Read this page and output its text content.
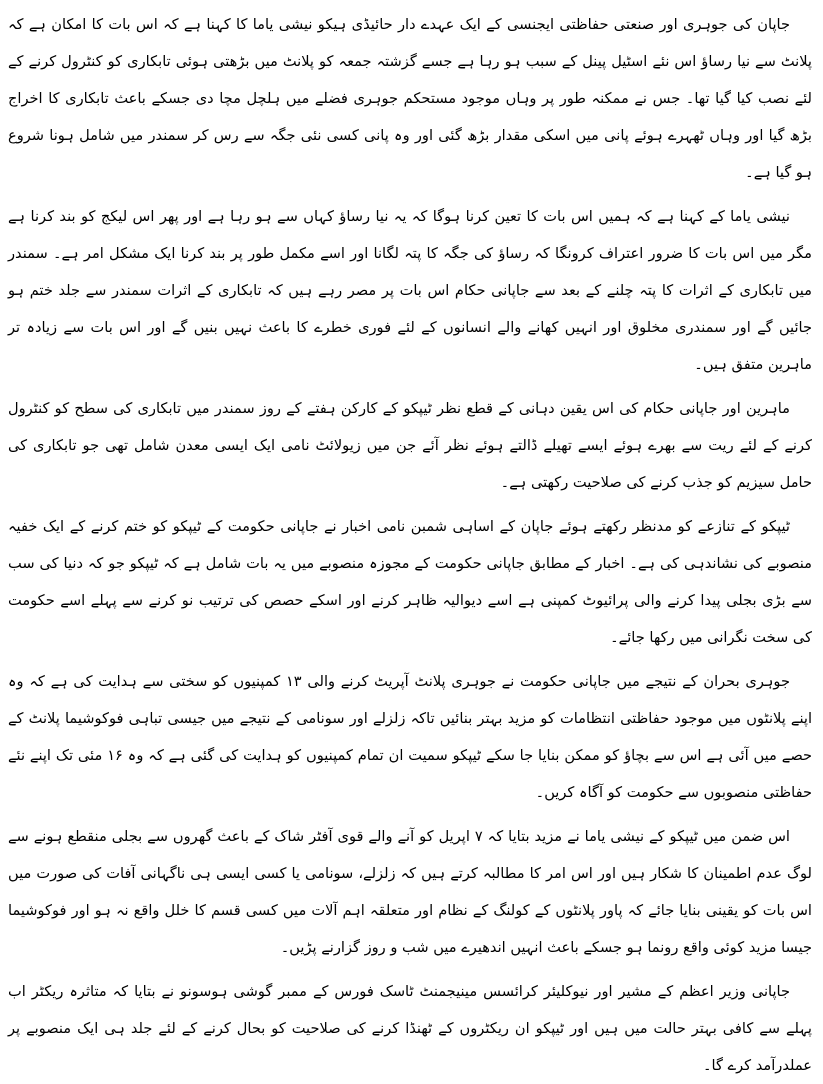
جاپان کی جوہری اور صنعتی حفاظتی ایجنسی کے ایک عہدے دار حائیڈی ہیکو نیشی یاما کا کہنا ہے کہ اس بات کا امکان ہے کہ پلانٹ سے نیا رساؤ اس نئے اسٹیل پینل کے سبب ہو رہا ہے جسے گزشتہ جمعہ کو پلانٹ میں بڑھتی ہوئی تابکاری کو کنٹرول کرنے کے لئے نصب کیا گیا تھا۔ جس نے ممکنہ طور پر وہاں موجود مستحکم جوہری فضلے میں ہلچل مچا دی جسکے باعث تابکاری کا اخراج بڑھ گیا اور وہاں ٹھہرے ہوئے پانی میں اسکی مقدار بڑھ گئی اور وہ پانی کسی نئی جگہ سے رس کر سمندر میں شامل ہونا شروع ہو گیا ہے۔

نیشی یاما کے کہنا ہے کہ ہمیں اس بات کا تعین کرنا ہوگا کہ یہ نیا رساؤ کہاں سے ہو رہا ہے اور پھر اس لیکج کو بند کرنا ہے مگر میں اس بات کا ضرور اعتراف کرونگا کہ رساؤ کی جگہ کا پتہ لگانا اور اسے مکمل طور پر بند کرنا ایک مشکل امر ہے۔ سمندر میں تابکاری کے اثرات کا پتہ چلنے کے بعد سے جاپانی حکام اس بات پر مصر رہے ہیں کہ تابکاری کے اثرات سمندر سے جلد ختم ہو جائیں گے اور سمندری مخلوق اور انہیں کھانے والے انسانوں کے لئے فوری خطرے کا باعث نہیں بنیں گے اور اس بات سے زیادہ تر ماہرین متفق ہیں۔

ماہرین اور جاپانی حکام کی اس یقین دہانی کے قطع نظر ٹیپکو کے کارکن ہفتے کے روز سمندر میں تابکاری کی سطح کو کنٹرول کرنے کے لئے ریت سے بھرے ہوئے ایسے تھیلے ڈالتے ہوئے نظر آئے جن میں زیولائٹ نامی ایک ایسی معدن شامل تھی جو تابکاری کی حامل سیزیم کو جذب کرنے کی صلاحیت رکھتی ہے۔

ٹیپکو کے تنازعے کو مدنظر رکھتے ہوئے جاپان کے اساہی شمبن نامی اخبار نے جاپانی حکومت کے ٹیپکو کو ختم کرنے کے ایک خفیہ منصوبے کی نشاندہی کی ہے۔ اخبار کے مطابق جاپانی حکومت کے مجوزہ منصوبے میں یہ بات شامل ہے کہ ٹیپکو جو کہ دنیا کی سب سے بڑی بجلی پیدا کرنے والی پرائیوٹ کمپنی ہے اسے دیوالیہ ظاہر کرنے اور اسکے حصص کی ترتیب نو کرنے سے پہلے اسے حکومت کی سخت نگرانی میں رکھا جائے۔

جوہری بحران کے نتیجے میں جاپانی حکومت نے جوہری پلانٹ آپریٹ کرنے والی ۱۳ کمپنیوں کو سختی سے ہدایت کی ہے کہ وہ اپنے پلانٹوں میں موجود حفاظتی انتظامات کو مزید بہتر بنائیں تاکہ زلزلے اور سونامی کے نتیجے میں جیسی تباہی فوکوشیما پلانٹ کے حصے میں آئی ہے اس سے بچاؤ کو ممکن بنایا جا سکے ٹیپکو سمیت ان تمام کمپنیوں کو ہدایت کی گئی ہے کہ وہ ۱۶ مئی تک اپنے نئے حفاظتی منصوبوں سے حکومت کو آگاہ کریں۔

اس ضمن میں ٹیپکو کے نیشی یاما نے مزید بتایا کہ ۷ اپریل کو آنے والے قوی آفٹر شاک کے باعث گھروں سے بجلی منقطع ہونے سے لوگ عدم اطمینان کا شکار ہیں اور اس امر کا مطالبہ کرتے ہیں کہ زلزلے، سونامی یا کسی ایسی ہی ناگہانی آفات کی صورت میں اس بات کو یقینی بنایا جائے کہ پاور پلانٹوں کے کولنگ کے نظام اور متعلقہ اہم آلات میں کسی قسم کا خلل واقع نہ ہو اور فوکوشیما جیسا مزید کوئی واقع رونما ہو جسکے باعث انہیں اندھیرے میں شب و روز گزارنے پڑیں۔

جاپانی وزیر اعظم کے مشیر اور نیوکلیئر کرائسس مینیجمنٹ ٹاسک فورس کے ممبر گوشی ہوسونو نے بتایا کہ متاثرہ ریکٹر اب پہلے سے کافی بہتر حالت میں ہیں اور ٹیپکو ان ریکٹروں کے ٹھنڈا کرنے کی صلاحیت کو بحال کرنے کے لئے جلد ہی ایک منصوبے پر عملدرآمد کرے گا۔
